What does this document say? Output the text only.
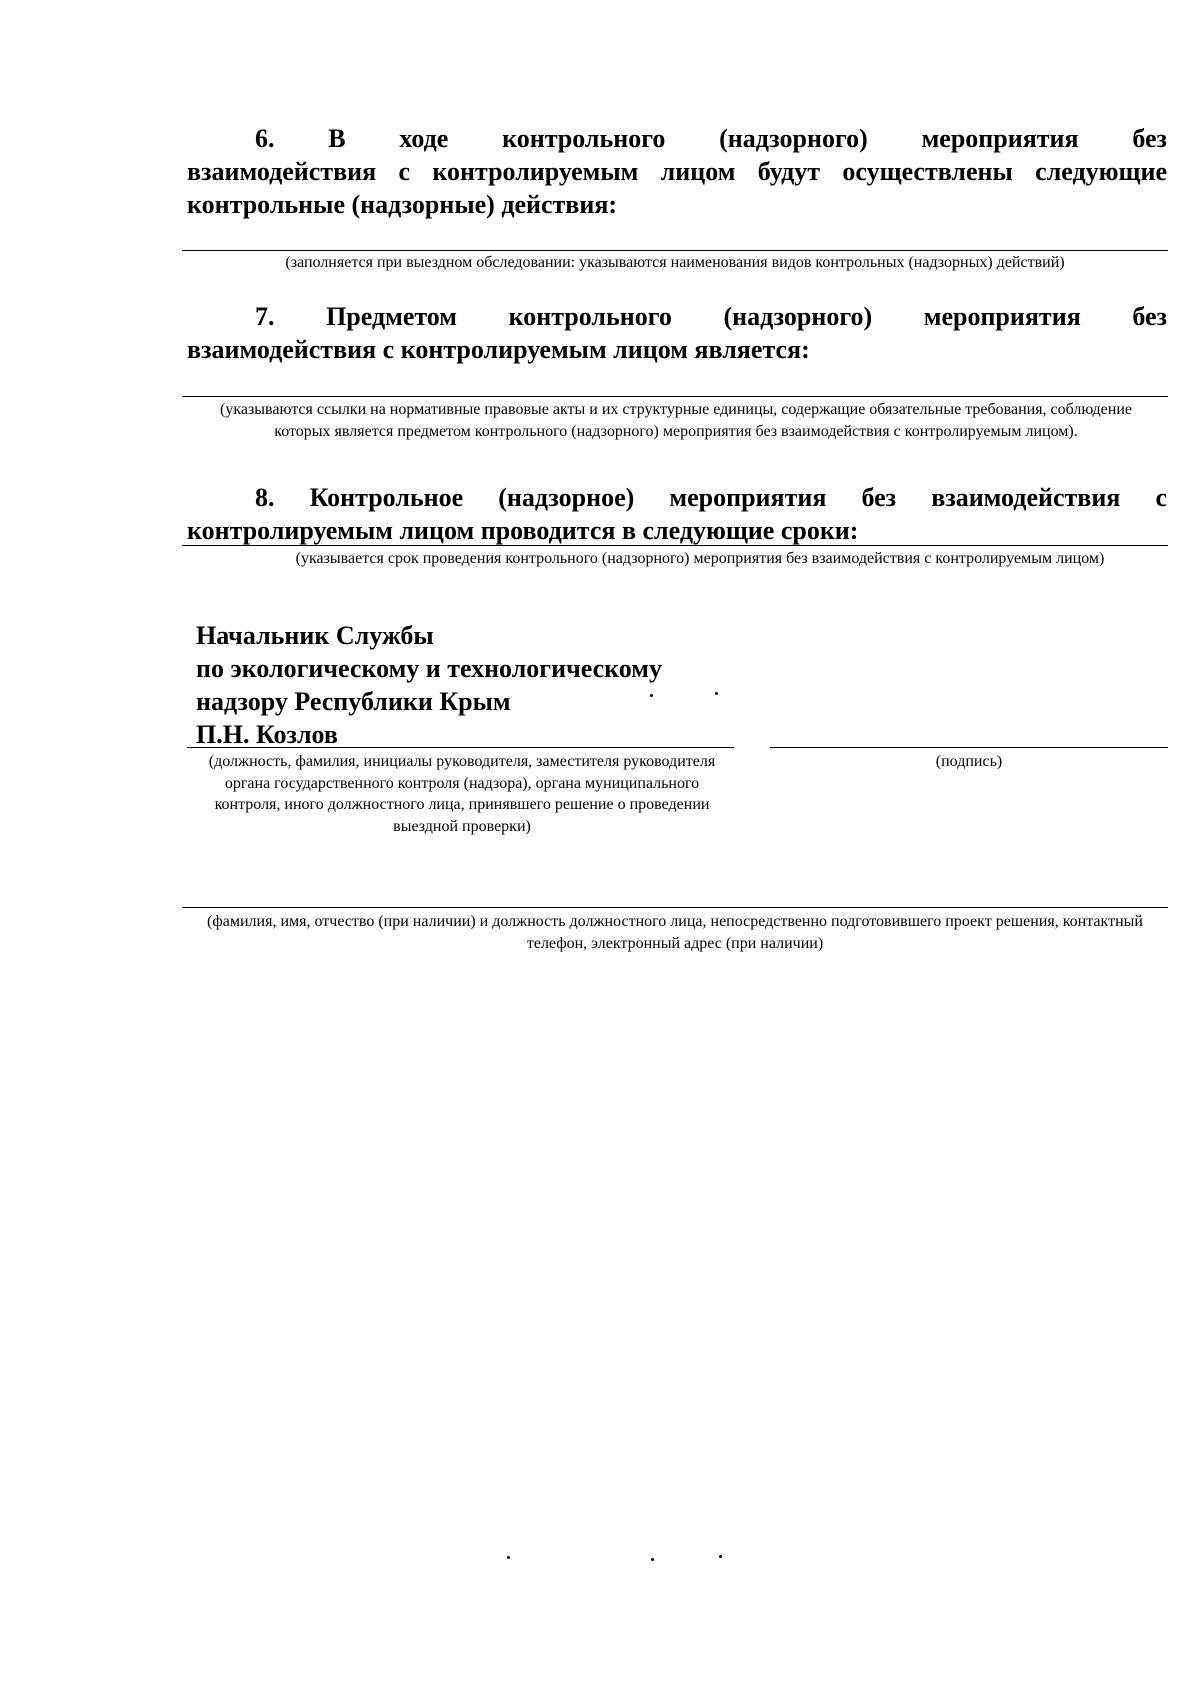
6. В ходе контрольного (надзорного) мероприятия без
взаимодействия с контролируемым лицом будут осуществлены следующие контрольные (надзорные) действия:
(заполняется при выездном обследовании: указываются наименования видов контрольных (надзорных) действий)
7. Предметом контрольного (надзорного) мероприятия без
взаимодействия с контролируемым лицом является:
(указываются ссылки на нормативные правовые акты и их структурные единицы, содержащие обязательные требования, соблюдение которых является предметом контрольного (надзорного) мероприятия без взаимодействия с контролируемым лицом).
8. Контрольное (надзорное) мероприятия без взаимодействия с
контролируемым лицом проводится в следующие сроки:
(указывается срок проведения контрольного (надзорного) мероприятия без взаимодействия с контролируемым лицом)
Начальник Службы
по экологическому и технологическому
надзору Республики Крым
П.Н. Козлов
(должность, фамилия, инициалы руководителя, заместителя руководителя органа государственного контроля (надзора), органа муниципального контроля, иного должностного лица, принявшего решение о проведении выездной проверки)
(подпись)
(фамилия, имя, отчество (при наличии) и должность должностного лица, непосредственно подготовившего проект решения, контактный телефон, электронный адрес (при наличии)
